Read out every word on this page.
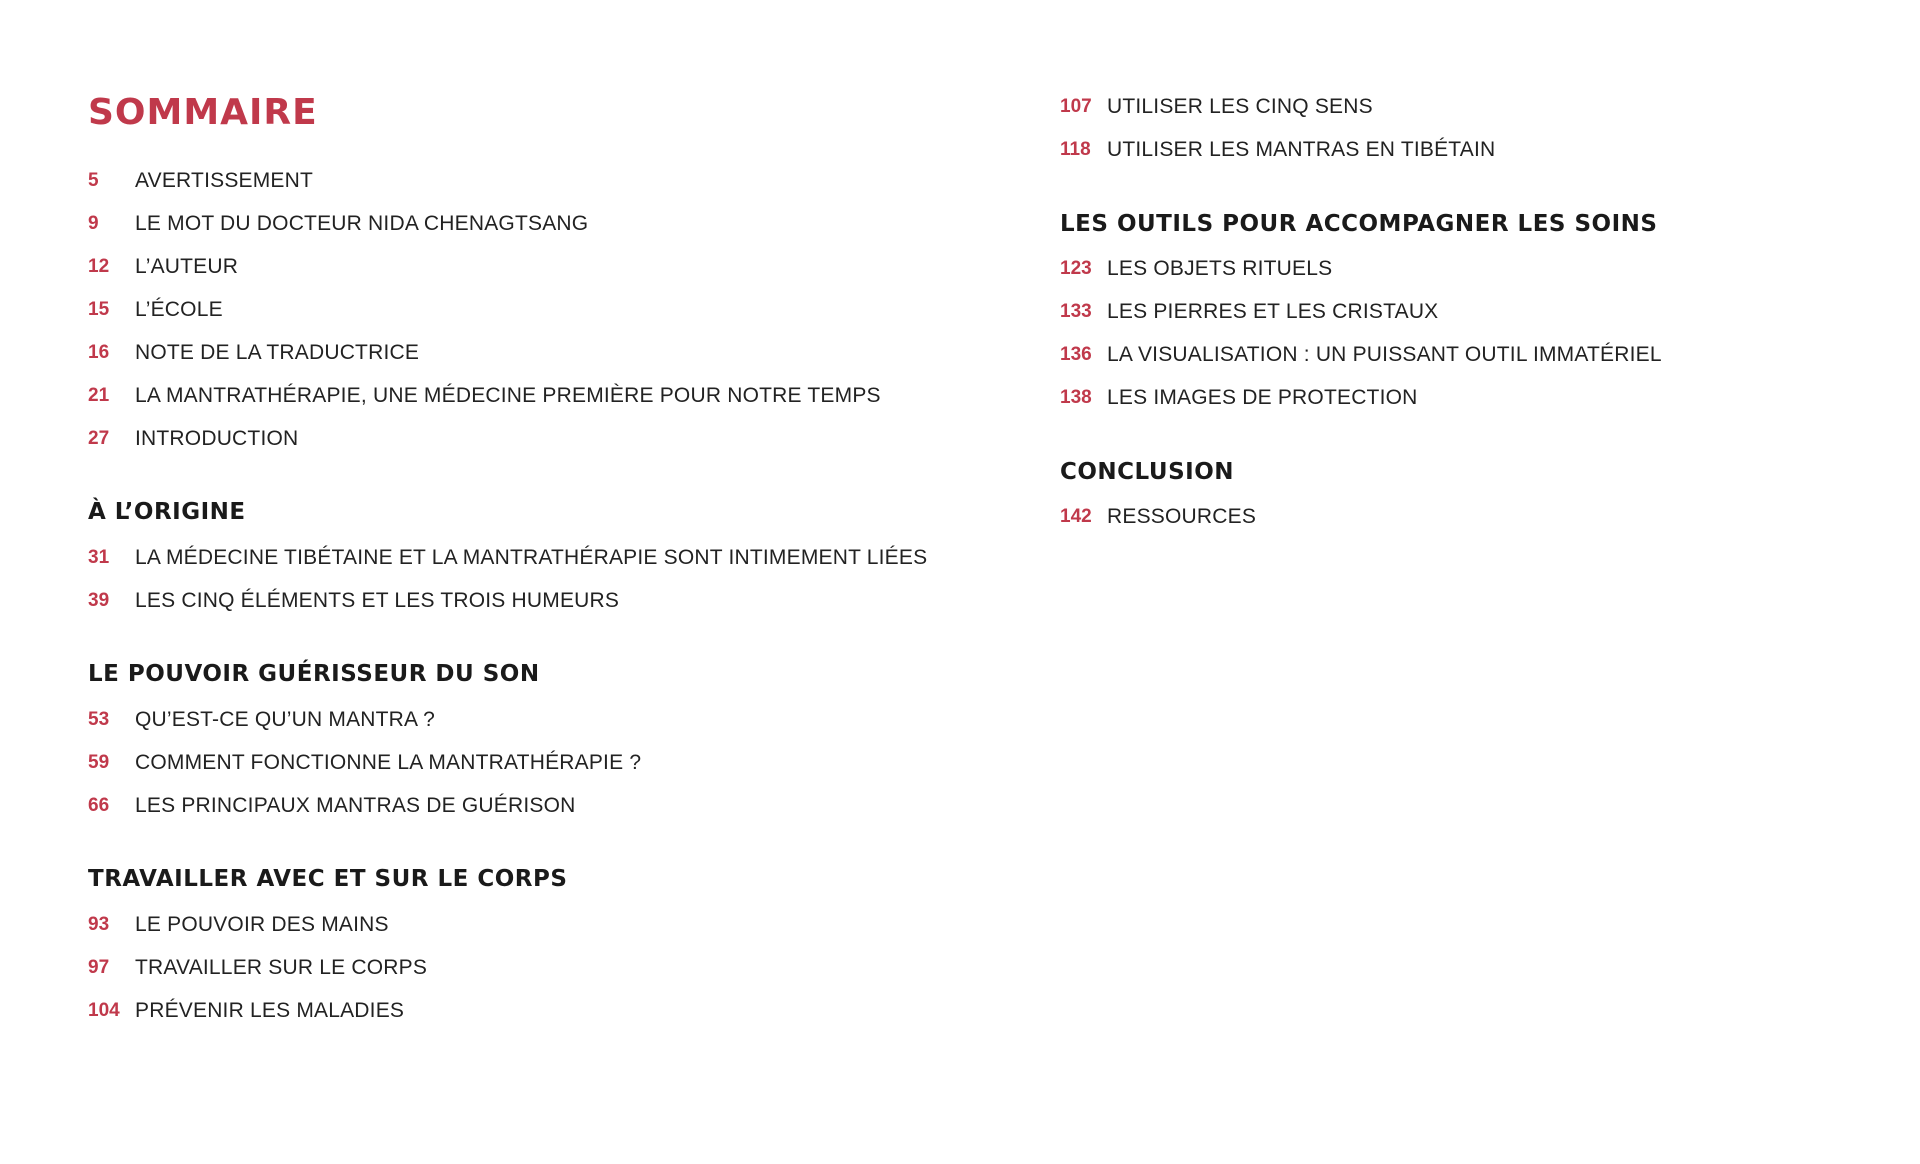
SOMMAIRE
5	AVERTISSEMENT
9	LE MOT DU DOCTEUR NIDA CHENAGTSANG
12	L’AUTEUR
15	L’ÉCOLE
16	NOTE DE LA TRADUCTRICE
21	LA MANTRATHÉRAPIE, UNE MÉDECINE PREMIÈRE POUR NOTRE TEMPS
27	INTRODUCTION
À L’ORIGINE
31	LA MÉDECINE TIBÉTAINE ET LA MANTRATHÉRAPIE SONT INTIMEMENT LIÉES
39	LES CINQ ÉLÉMENTS ET LES TROIS HUMEURS
LE POUVOIR GUÉRISSEUR DU SON
53	QU’EST-CE QU’UN MANTRA ?
59	COMMENT FONCTIONNE LA MANTRATHÉRAPIE ?
66	LES PRINCIPAUX MANTRAS DE GUÉRISON
TRAVAILLER AVEC ET SUR LE CORPS
93	LE POUVOIR DES MAINS
97	TRAVAILLER SUR LE CORPS
104 PRÉVENIR LES MALADIES
107 UTILISER LES CINQ SENS
118 UTILISER LES MANTRAS EN TIBÉTAIN
LES OUTILS POUR ACCOMPAGNER LES SOINS
123 LES OBJETS RITUELS
133 LES PIERRES ET LES CRISTAUX
136 LA VISUALISATION : UN PUISSANT OUTIL IMMATÉRIEL
138 LES IMAGES DE PROTECTION
CONCLUSION
142 RESSOURCES
